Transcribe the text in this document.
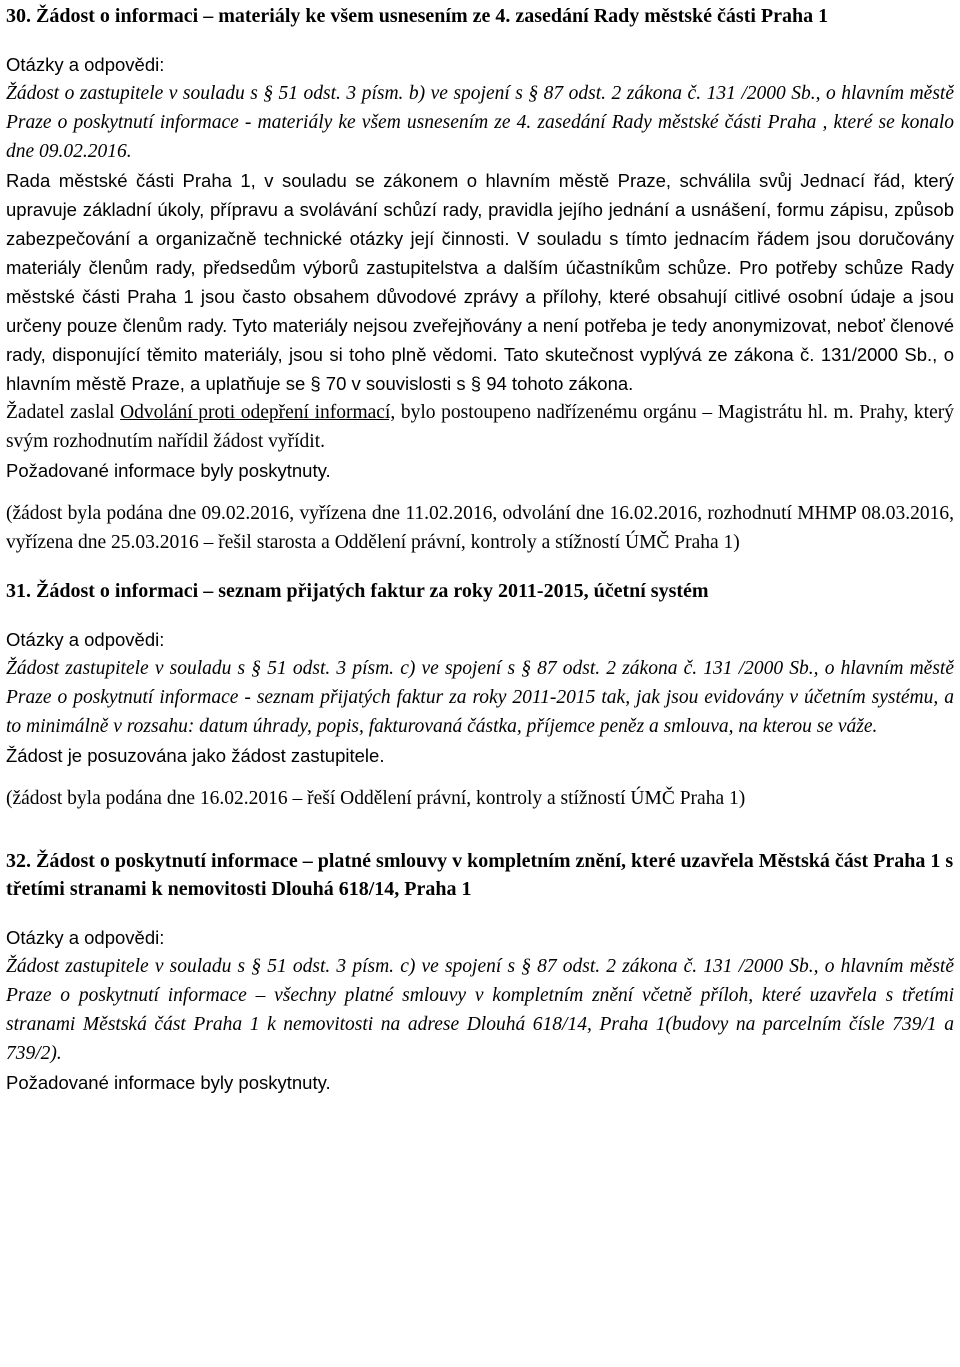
30. Žádost o informaci – materiály ke všem usnesením ze 4. zasedání Rady městské části Praha 1

Otázky a odpovědi:

Žádost o zastupitele v souladu s § 51 odst. 3 písm. b) ve spojení s § 87 odst. 2 zákona č. 131 /2000 Sb., o hlavním městě Praze o poskytnutí informace - materiály ke všem usnesením ze 4. zasedání Rady městské části Praha , které se konalo dne 09.02.2016.

Rada městské části Praha 1, v souladu se zákonem o hlavním městě Praze, schválila svůj Jednací řád, který upravuje základní úkoly, přípravu a svolávání schůzí rady, pravidla jejího jednání a usnášení, formu zápisu, způsob zabezpečování a organizačně technické otázky její činnosti. V souladu s tímto jednacím řádem jsou doručovány materiály členům rady, předsedům výborů zastupitelstva a dalším účastníkům schůze. Pro potřeby schůze Rady městské části Praha 1 jsou často obsahem důvodové zprávy a přílohy, které obsahují citlivé osobní údaje a jsou určeny pouze členům rady. Tyto materiály nejsou zveřejňovány a není potřeba je tedy anonymizovat, neboť členové rady, disponující těmito materiály, jsou si toho plně vědomi. Tato skutečnost vyplývá ze zákona č. 131/2000 Sb., o hlavním městě Praze, a uplatňuje se § 70 v souvislosti s § 94 tohoto zákona.

Žadatel zaslal Odvolání proti odepření informací, bylo postoupeno nadřízenému orgánu – Magistrátu hl. m. Prahy, který svým rozhodnutím nařídil žádost vyřídit.

Požadované informace byly poskytnuty.

(žádost byla podána dne 09.02.2016, vyřízena dne 11.02.2016, odvolání dne 16.02.2016, rozhodnutí MHMP 08.03.2016, vyřízena dne 25.03.2016 – řešil starosta a Oddělení právní, kontroly a stížností ÚMČ Praha 1)

31. Žádost o informaci – seznam přijatých faktur za roky 2011-2015, účetní systém

Otázky a odpovědi:

Žádost zastupitele v souladu s § 51 odst. 3 písm. c) ve spojení s § 87 odst. 2 zákona č. 131 /2000 Sb., o hlavním městě Praze o poskytnutí informace - seznam přijatých faktur za roky 2011-2015 tak, jak jsou evidovány v účetním systému, a to minimálně v rozsahu: datum úhrady, popis, fakturovaná částka, příjemce peněz a smlouva, na kterou se váže.

Žádost je posuzována jako žádost zastupitele.

(žádost byla podána dne 16.02.2016 – řeší Oddělení právní, kontroly a stížností ÚMČ Praha 1)

32. Žádost o poskytnutí informace – platné smlouvy v kompletním znění, které uzavřela Městská část Praha 1 s třetími stranami k nemovitosti Dlouhá 618/14, Praha 1

Otázky a odpovědi:

Žádost zastupitele v souladu s § 51 odst. 3 písm. c) ve spojení s § 87 odst. 2 zákona č. 131 /2000 Sb., o hlavním městě Praze o poskytnutí informace – všechny platné smlouvy v kompletním znění včetně příloh, které uzavřela s třetími stranami Městská část Praha 1 k nemovitosti na adrese Dlouhá 618/14, Praha 1(budovy na parcelním čísle 739/1 a 739/2).

Požadované informace byly poskytnuty.
